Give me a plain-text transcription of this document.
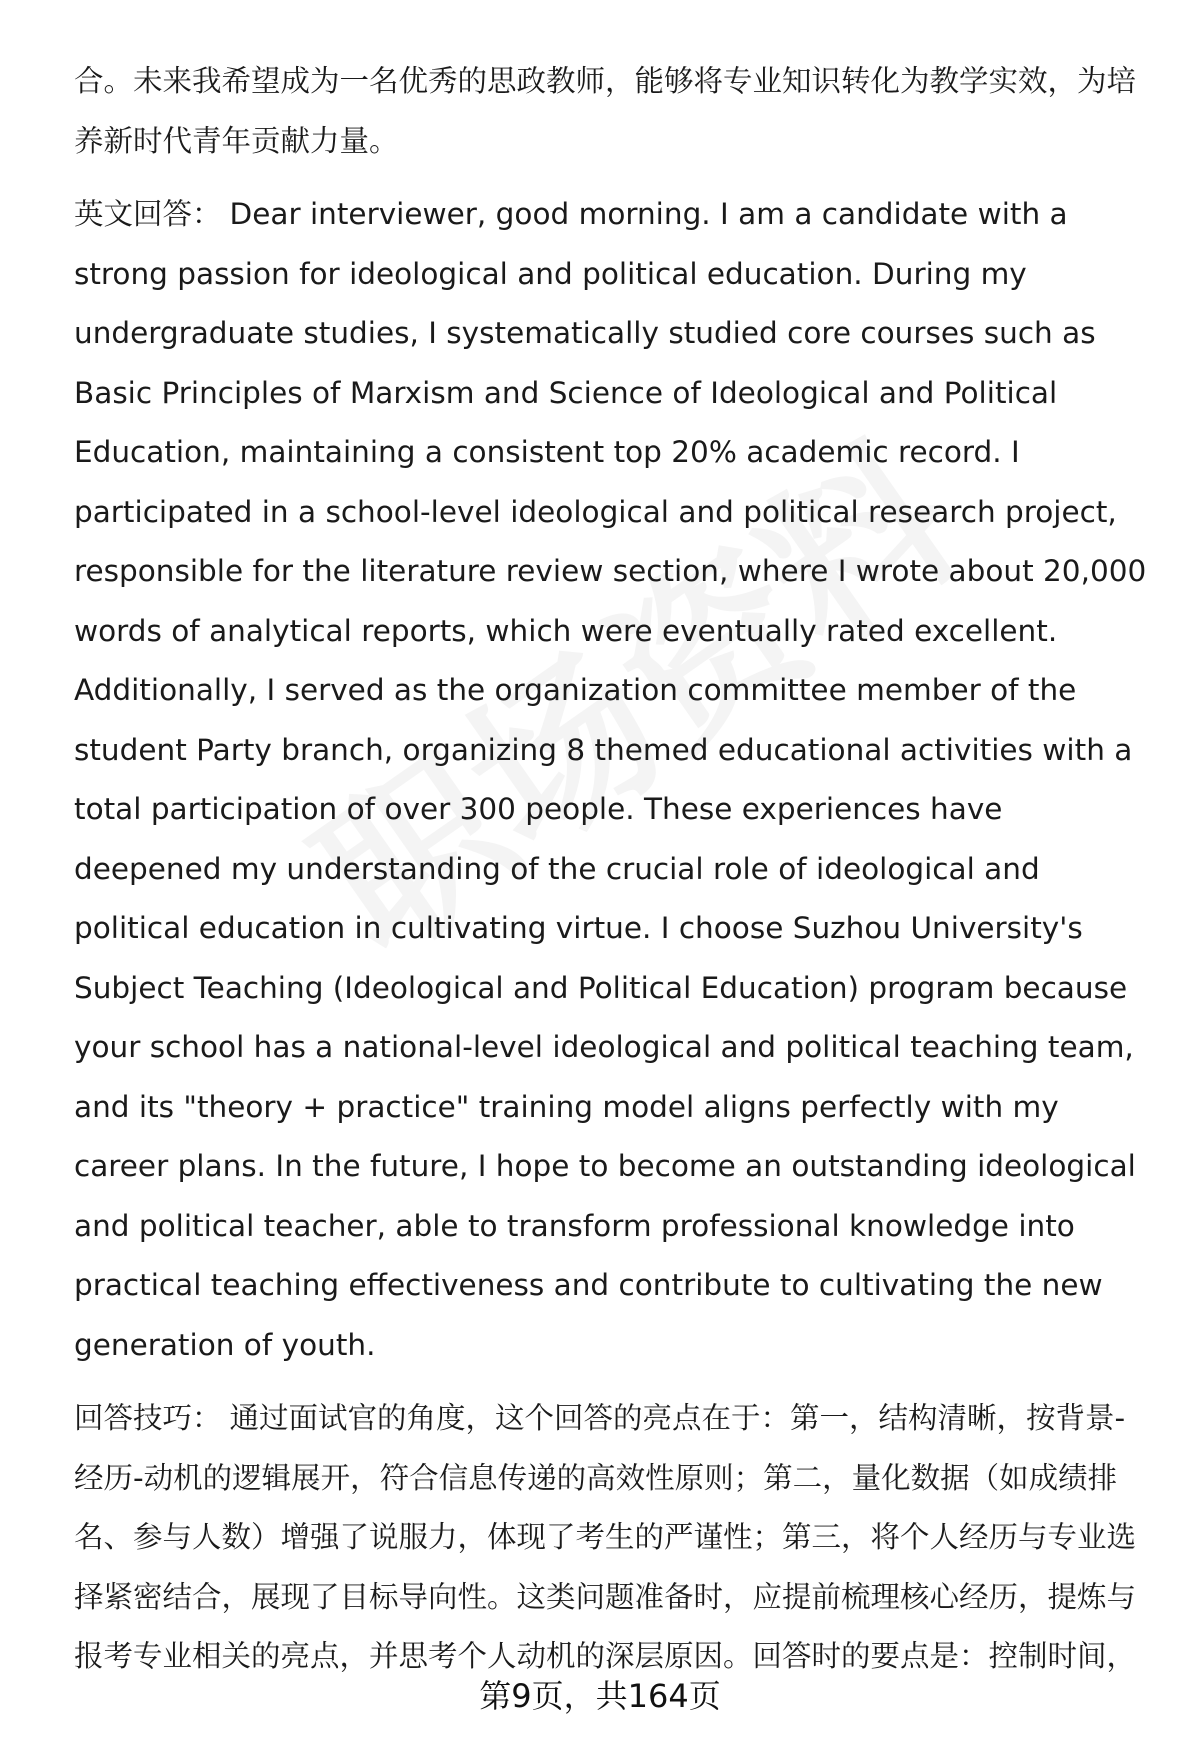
合。未来我希望成为一名优秀的思政教师，能够将专业知识转化为教学实效，为培养新时代青年贡献力量。

英文回答： Dear interviewer, good morning. I am a candidate with a strong passion for ideological and political education. During my undergraduate studies, I systematically studied core courses such as Basic Principles of Marxism and Science of Ideological and Political Education, maintaining a consistent top 20% academic record. I participated in a school-level ideological and political research project, responsible for the literature review section, where I wrote about 20,000 words of analytical reports, which were eventually rated excellent. Additionally, I served as the organization committee member of the student Party branch, organizing 8 themed educational activities with a total participation of over 300 people. These experiences have deepened my understanding of the crucial role of ideological and political education in cultivating virtue. I choose Suzhou University's Subject Teaching (Ideological and Political Education) program because your school has a national-level ideological and political teaching team, and its "theory + practice" training model aligns perfectly with my career plans. In the future, I hope to become an outstanding ideological and political teacher, able to transform professional knowledge into practical teaching effectiveness and contribute to cultivating the new generation of youth.

回答技巧： 通过面试官的角度，这个回答的亮点在于：第一，结构清晰，按背景-经历-动机的逻辑展开，符合信息传递的高效性原则；第二，量化数据（如成绩排名、参与人数）增强了说服力，体现了考生的严谨性；第三，将个人经历与专业选择紧密结合，展现了目标导向性。这类问题准备时，应提前梳理核心经历，提炼与报考专业相关的亮点，并思考个人动机的深层原因。回答时的要点是：控制时间，

第9页，共164页
